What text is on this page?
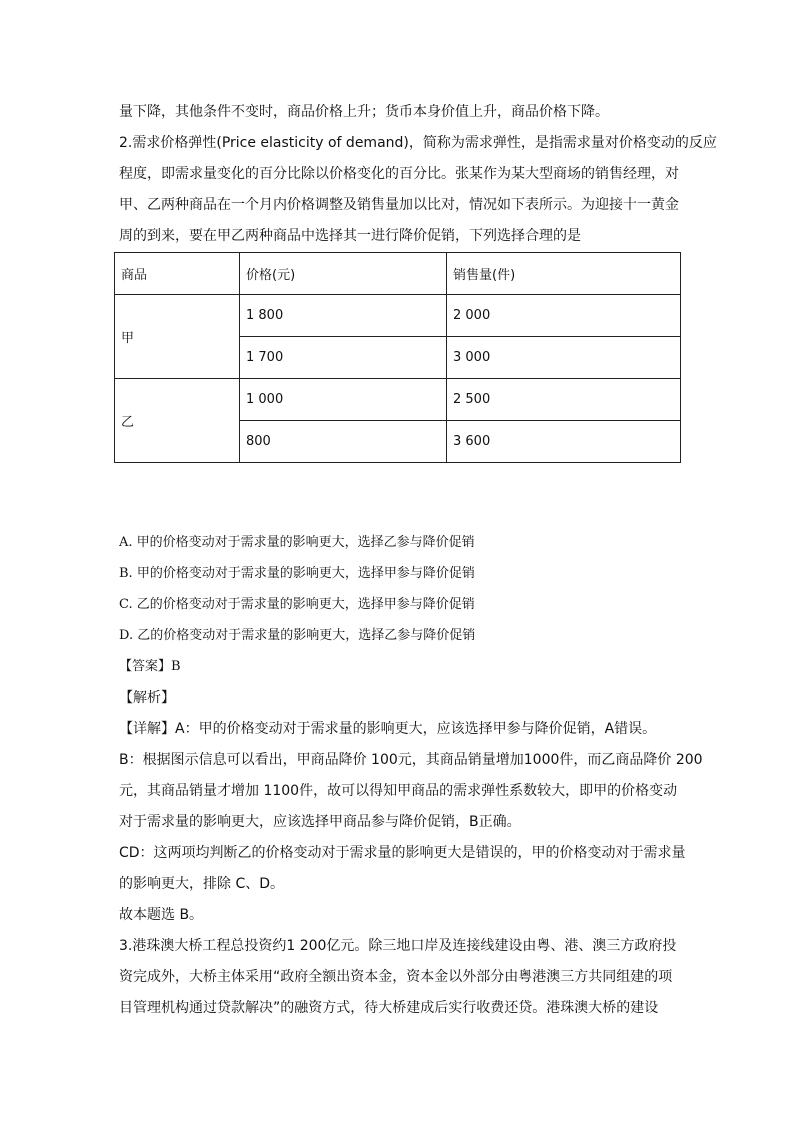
量下降，其他条件不变时，商品价格上升；货币本身价值上升，商品价格下降。
2.需求价格弹性(Price elasticity of demand)，简称为需求弹性，是指需求量对价格变动的反应
程度，即需求量变化的百分比除以价格变化的百分比。张某作为某大型商场的销售经理，对
甲、乙两种商品在一个月内价格调整及销售量加以比对，情况如下表所示。为迎接十一黄金
周的到来，要在甲乙两种商品中选择其一进行降价促销，下列选择合理的是
商品	价格(元)	销售量(件)
甲	1 800	2 000
	1 700	3 000
乙	1 000	2 500
	800	3 600
A. 甲的价格变动对于需求量的影响更大，选择乙参与降价促销
B. 甲的价格变动对于需求量的影响更大，选择甲参与降价促销
C. 乙的价格变动对于需求量的影响更大，选择甲参与降价促销
D. 乙的价格变动对于需求量的影响更大，选择乙参与降价促销
【答案】B
【解析】
【详解】A：甲的价格变动对于需求量的影响更大，应该选择甲参与降价促销，A错误。
B：根据图示信息可以看出，甲商品降价 100元，其商品销量增加1000件，而乙商品降价 200
元，其商品销量才增加 1100件，故可以得知甲商品的需求弹性系数较大，即甲的价格变动
对于需求量的影响更大，应该选择甲商品参与降价促销，B正确。
CD：这两项均判断乙的价格变动对于需求量的影响更大是错误的，甲的价格变动对于需求量
的影响更大，排除 C、D。
故本题选 B。
3.港珠澳大桥工程总投资约1 200亿元。除三地口岸及连接线建设由粤、港、澳三方政府投
资完成外，大桥主体采用“政府全额出资本金，资本金以外部分由粤港澳三方共同组建的项
目管理机构通过贷款解决”的融资方式，待大桥建成后实行收费还贷。港珠澳大桥的建设
